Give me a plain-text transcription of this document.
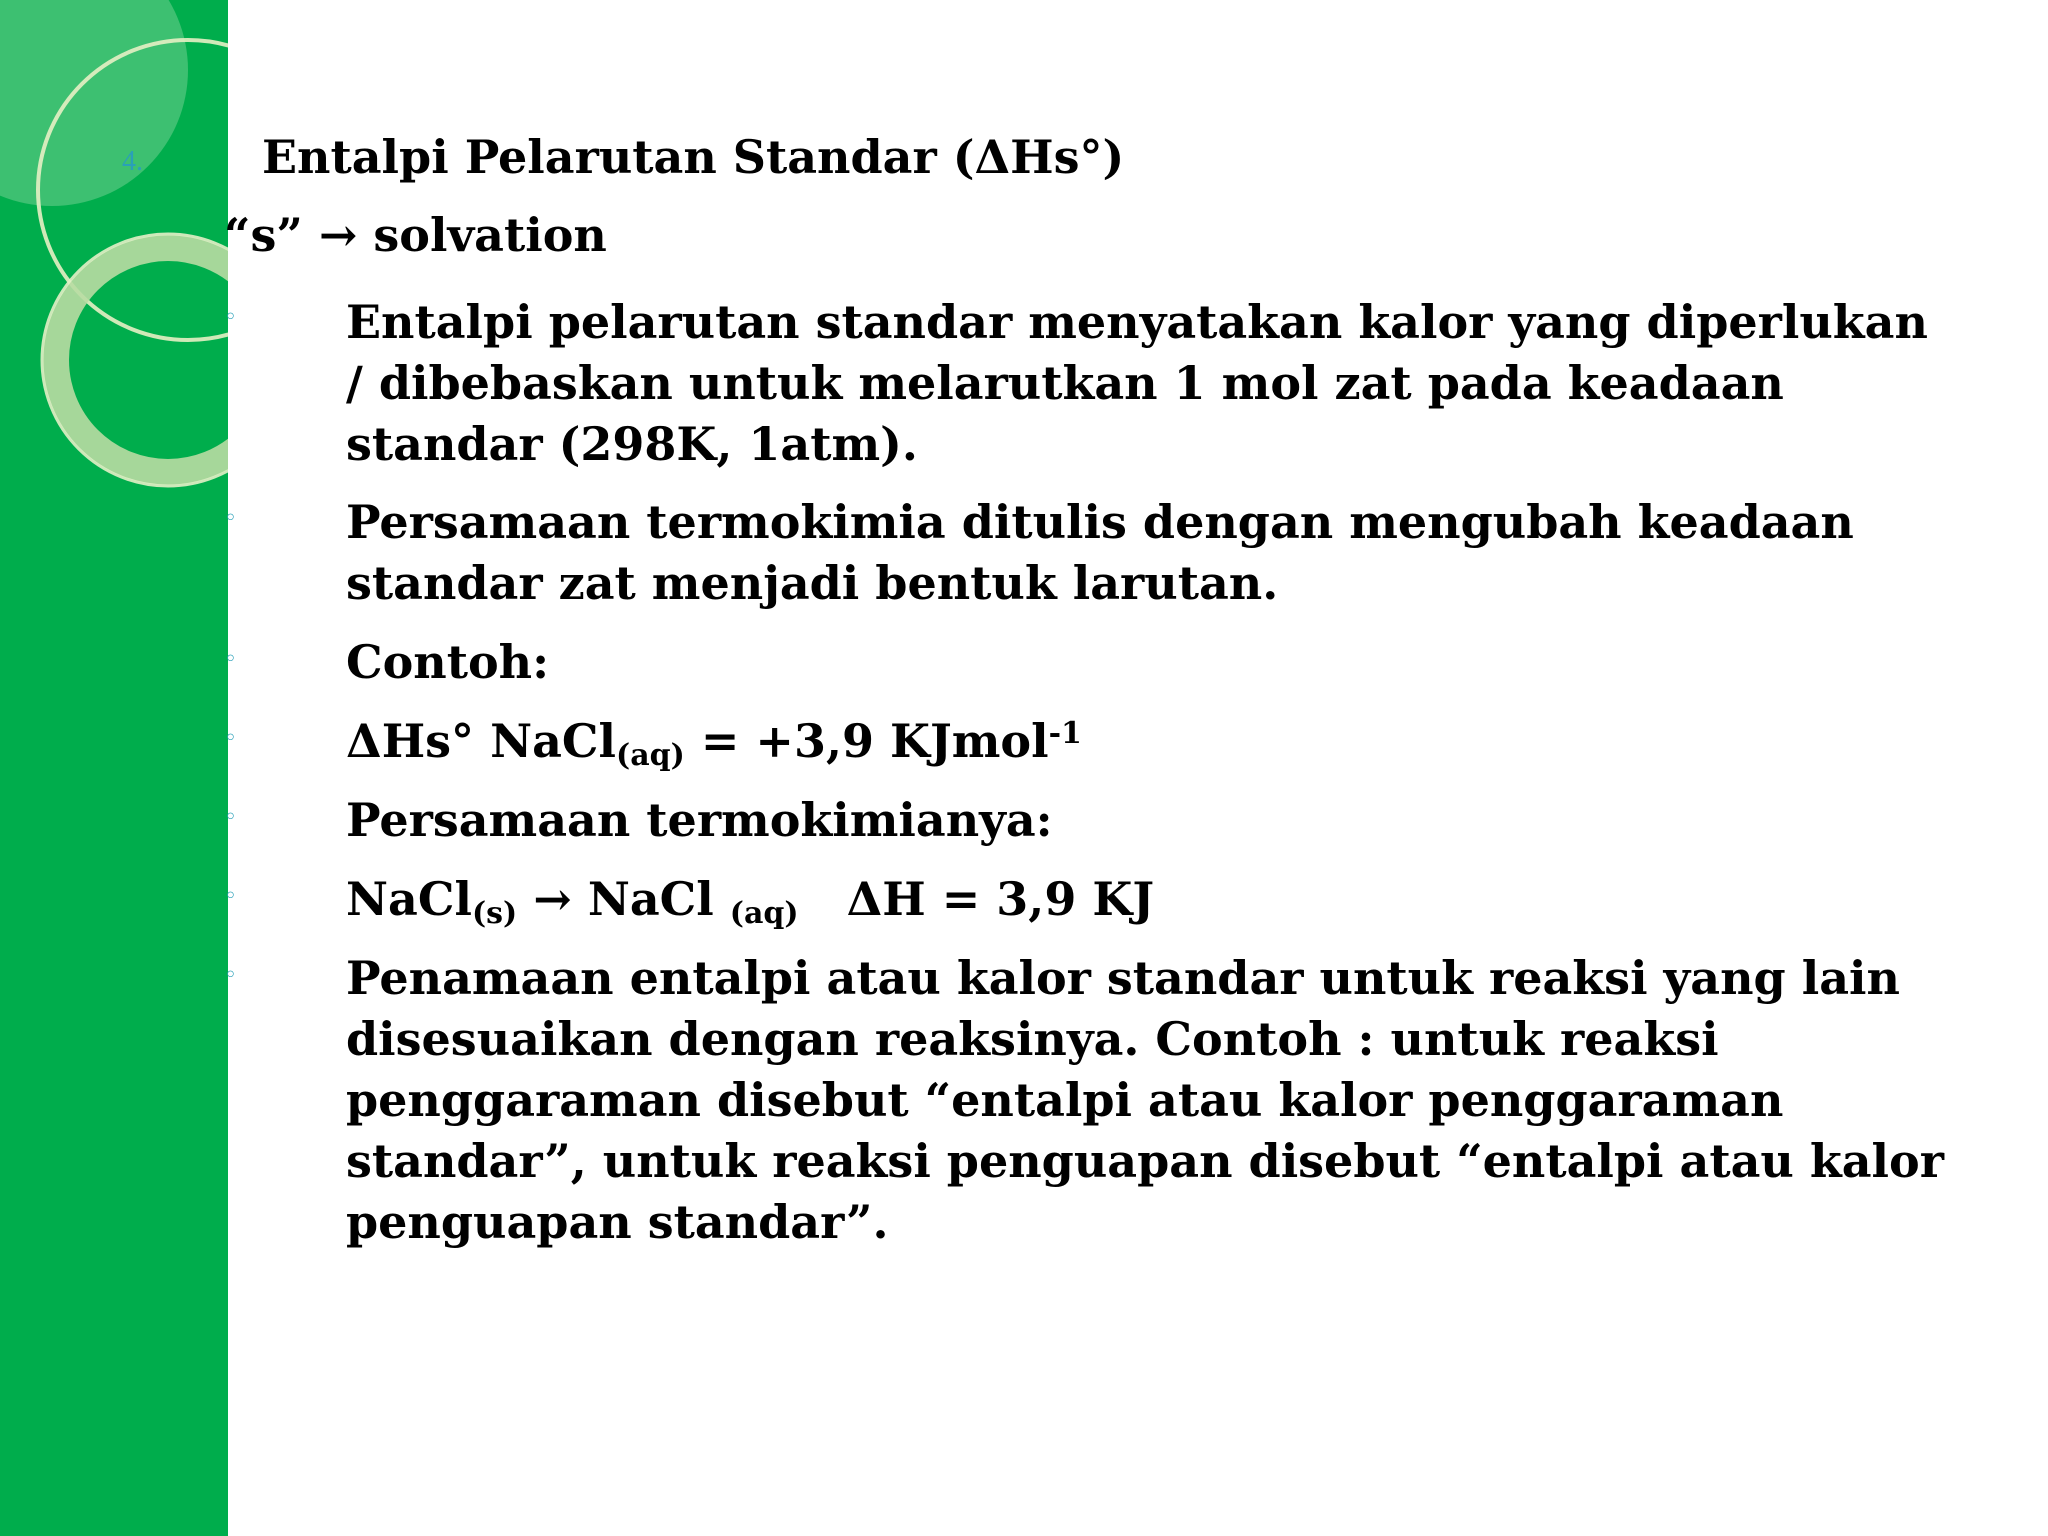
4.	Entalpi Pelarutan Standar (ΔHs°)
“s” → solvation
◦ Entalpi pelarutan standar menyatakan kalor yang diperlukan / dibebaskan untuk melarutkan 1 mol zat pada keadaan standar (298K, 1atm).
◦ Persamaan termokimia ditulis dengan mengubah keadaan standar zat menjadi bentuk larutan.
◦ Contoh:
◦ ΔHs° NaCl$_{(aq)}$ = +3,9 KJmol$^{-1}$
◦ Persamaan termokimianya:
◦ NaCl$_{(s)}$ → NaCl $_{(aq)}$ ΔH = 3,9 KJ
◦ Penamaan entalpi atau kalor standar untuk reaksi yang lain disesuaikan dengan reaksinya. Contoh : untuk reaksi penggaraman disebut “entalpi atau kalor penggaraman standar”, untuk reaksi penguapan disebut “entalpi atau kalor penguapan standar”.
